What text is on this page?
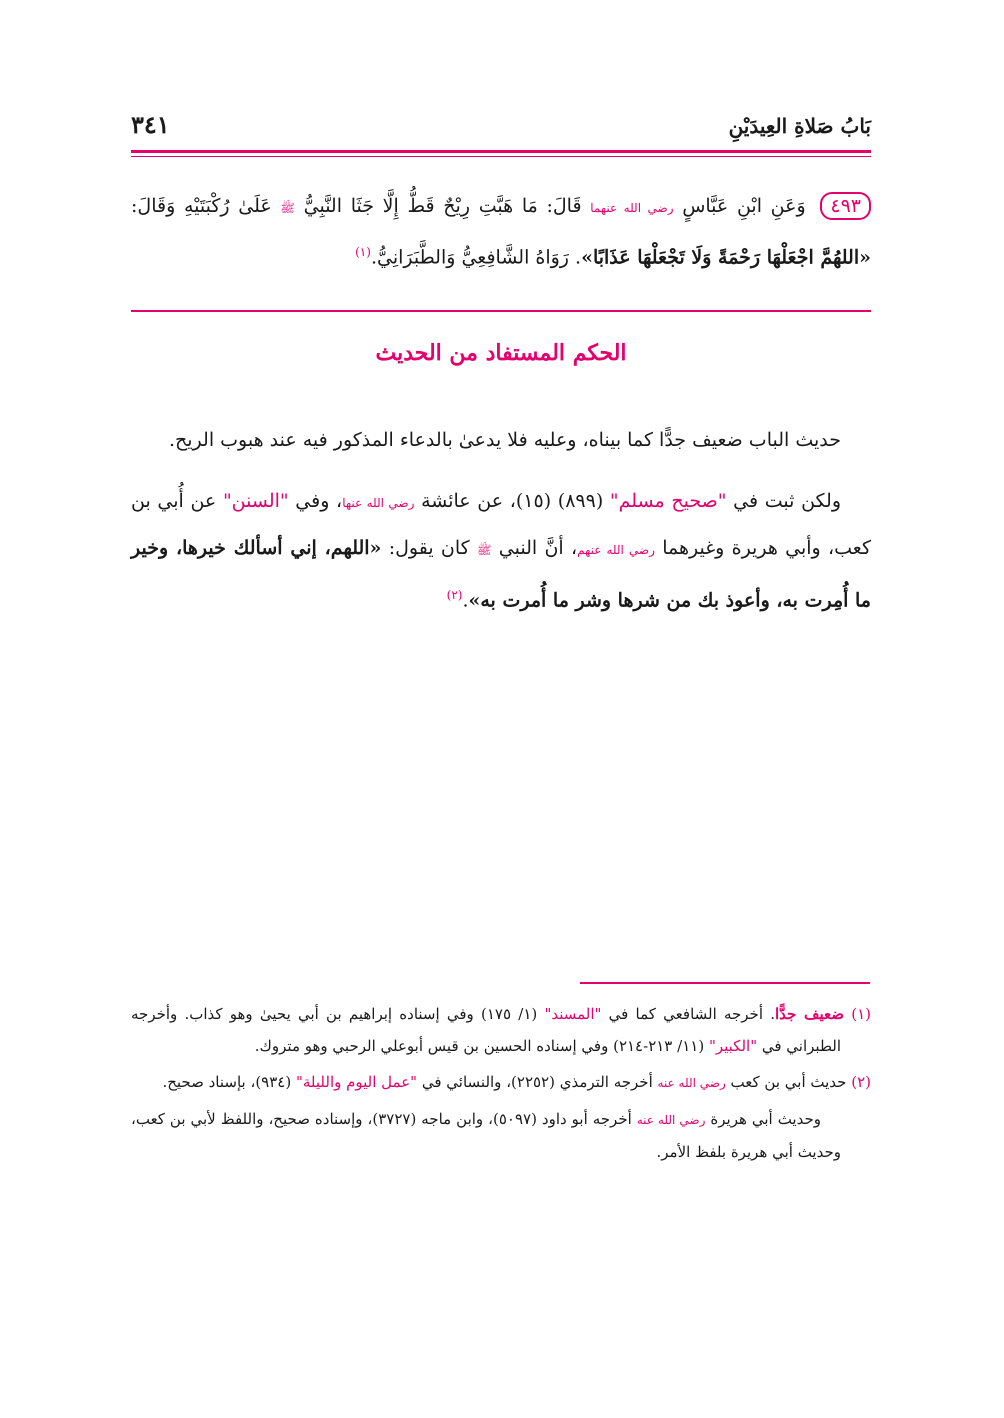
بَابُ صَلاةِ العِيدَيْنِ
٣٤١
٤٩٣ وَعَنِ ابْنِ عَبَّاسٍ رضي الله عنهما قَالَ: مَا هَبَّتِ رِيْحٌ قَطُّ إِلَّا جَثَا النَّبِيُّ ﷺ عَلَىٰ رُكْبَتَيْهِ وَقَالَ: «اللهُمَّ اجْعَلْهَا رَحْمَةً وَلَا تَجْعَلْهَا عَذَابًا». رَوَاهُ الشَّافِعِيُّ وَالطَّبَرَانِيُّ.$^{(١)}$
الحكم المستفاد من الحديث

حديث الباب ضعيف جدًّا كما بيناه، وعليه فلا يدعىٰ بالدعاء المذكور فيه عند هبوب الريح.

ولكن ثبت في "صحيح مسلم" (٨٩٩) (١٥)، عن عائشة رضي الله عنها، وفي "السنن" عن أُبي بن كعب، وأبي هريرة وغيرهما رضي الله عنهم، أنَّ النبي ﷺ كان يقول: «اللهم، إني أسألك خيرها، وخير ما أُمِرت به، وأعوذ بك من شرها وشر ما أُمرت به».$^{(٢)}$

(١) ضعيف جدًّا. أخرجه الشافعي كما في "المسند" (١/ ١٧٥) وفي إسناده إبراهيم بن أبي يحيىٰ وهو كذاب. وأخرجه الطبراني في "الكبير" (١١/ ٢١٣-٢١٤) وفي إسناده الحسين بن قيس أبوعلي الرحبي وهو متروك.

(٢) حديث أبي بن كعب رضي الله عنه أخرجه الترمذي (٢٢٥٢)، والنسائي في "عمل اليوم والليلة" (٩٣٤)، بإسناد صحيح.

وحديث أبي هريرة رضي الله عنه أخرجه أبو داود (٥٠٩٧)، وابن ماجه (٣٧٢٧)، وإسناده صحيح، واللفظ لأبي بن كعب، وحديث أبي هريرة بلفظ الأمر.
